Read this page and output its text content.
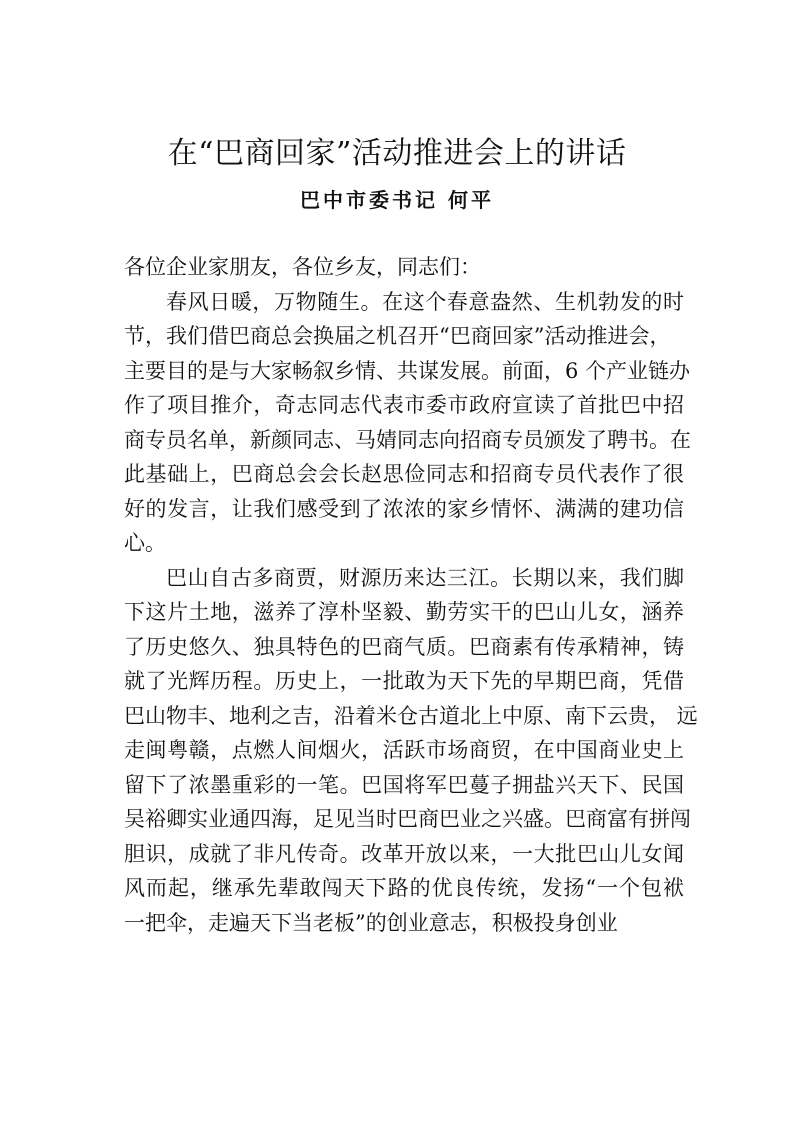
在“巴商回家”活动推进会上的讲话
巴中市委书记 何平
各位企业家朋友，各位乡友，同志们：
春风日暖，万物随生。在这个春意盎然、生机勃发的时
节，我们借巴商总会换届之机召开“巴商回家”活动推进会，
主要目的是与大家畅叙乡情、共谋发展。前面，6 个产业链办
作了项目推介，奇志同志代表市委市政府宣读了首批巴中招
商专员名单，新颜同志、马婧同志向招商专员颁发了聘书。在
此基础上，巴商总会会长赵思俭同志和招商专员代表作了很
好的发言，让我们感受到了浓浓的家乡情怀、满满的建功信
心。
巴山自古多商贾，财源历来达三江。长期以来，我们脚
下这片土地，滋养了淳朴坚毅、勤劳实干的巴山儿女，涵养
了历史悠久、独具特色的巴商气质。巴商素有传承精神，铸
就了光辉历程。历史上，一批敢为天下先的早期巴商，凭借
巴山物丰、地利之吉，沿着米仓古道北上中原、南下云贵， 远
走闽粤赣，点燃人间烟火，活跃市场商贸，在中国商业史上
留下了浓墨重彩的一笔。巴国将军巴蔓子拥盐兴天下、民国
吴裕卿实业通四海，足见当时巴商巴业之兴盛。巴商富有拼闯
胆识，成就了非凡传奇。改革开放以来，一大批巴山儿女闻
风而起，继承先辈敢闯天下路的优良传统，发扬“一个包袱
一把伞，走遍天下当老板”的创业意志，积极投身创业
